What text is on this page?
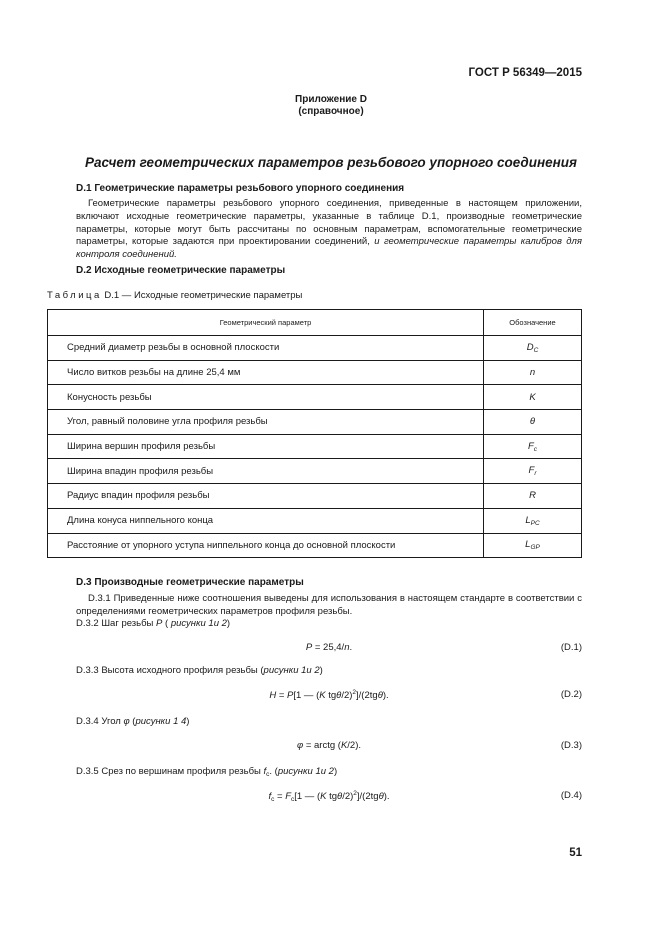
ГОСТ Р 56349—2015
Приложение D
(справочное)
Расчет геометрических параметров резьбового упорного соединения
D.1 Геометрические параметры резьбового упорного соединения

Геометрические параметры резьбового упорного соединения, приведенные в настоящем приложении, включают исходные геометрические параметры, указанные в таблице D.1, производные геометрические параметры, которые могут быть рассчитаны по основным параметрам, вспомогательные геометрические параметры, которые задаются при проектировании соединений, и геометрические параметры калибров для контроля соединений.

D.2 Исходные геометрические параметры
Таблица D.1 — Исходные геометрические параметры
Геометрический параметр	Обозначение
Средний диаметр резьбы в основной плоскости	$D_C$
Число витков резьбы на длине 25,4 мм	n
Конусность резьбы	K
Угол, равный половине угла профиля резьбы	θ
Ширина вершин профиля резьбы	$F_c$
Ширина впадин профиля резьбы	$F_r$
Радиус впадин профиля резьбы	R
Длина конуса ниппельного конца	$L_{PC}$
Расстояние от упорного уступа ниппельного конца до основной плоскости	$L_{GP}$
D.3 Производные геометрические параметры

D.3.1 Приведенные ниже соотношения выведены для использования в настоящем стандарте в соответствии с определениями геометрических параметров профиля резьбы.

D.3.2 Шаг резьбы P ( рисунки 1и 2)
P = 25,4/n.	(D.1)
D.3.3 Высота исходного профиля резьбы (рисунки 1и 2)
H = P[1 — (K tgθ/2)$^2$]/(2tgθ).	(D.2)
D.3.4 Угол φ (рисунки 1 4)
φ = arctg (K/2).	(D.3)
D.3.5 Срез по вершинам профиля резьбы $f_c$. (рисунки 1и 2)
$f_c = F_c[1$ — (K tgθ/2)$^2$]/(2tgθ).	(D.4)
51
